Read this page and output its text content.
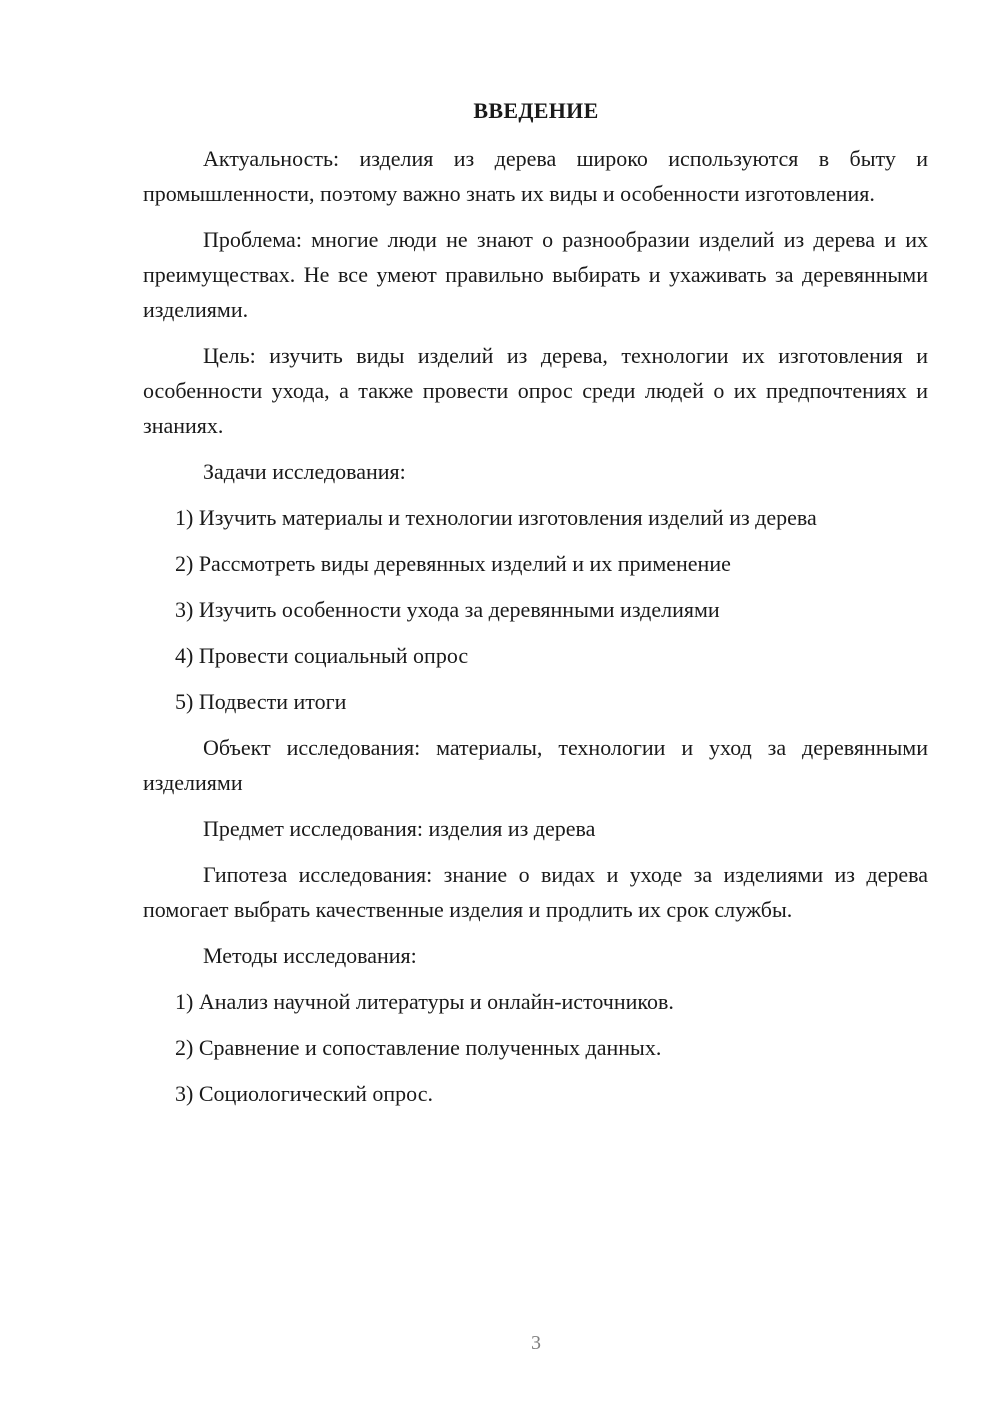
ВВЕДЕНИЕ

Актуальность: изделия из дерева широко используются в быту и промышленности, поэтому важно знать их виды и особенности изготовления.

Проблема: многие люди не знают о разнообразии изделий из дерева и их преимуществах. Не все умеют правильно выбирать и ухаживать за деревянными изделиями.

Цель: изучить виды изделий из дерева, технологии их изготовления и особенности ухода, а также провести опрос среди людей о их предпочтениях и знаниях.

Задачи исследования:

1) Изучить материалы и технологии изготовления изделий из дерева

2) Рассмотреть виды деревянных изделий и их применение

3) Изучить особенности ухода за деревянными изделиями

4) Провести социальный опрос

5) Подвести итоги

Объект исследования: материалы, технологии и уход за деревянными изделиями

Предмет исследования: изделия из дерева

Гипотеза исследования: знание о видах и уходе за изделиями из дерева помогает выбрать качественные изделия и продлить их срок службы.

Методы исследования:

1) Анализ научной литературы и онлайн-источников.

2) Сравнение и сопоставление полученных данных.

3) Социологический опрос.

3
